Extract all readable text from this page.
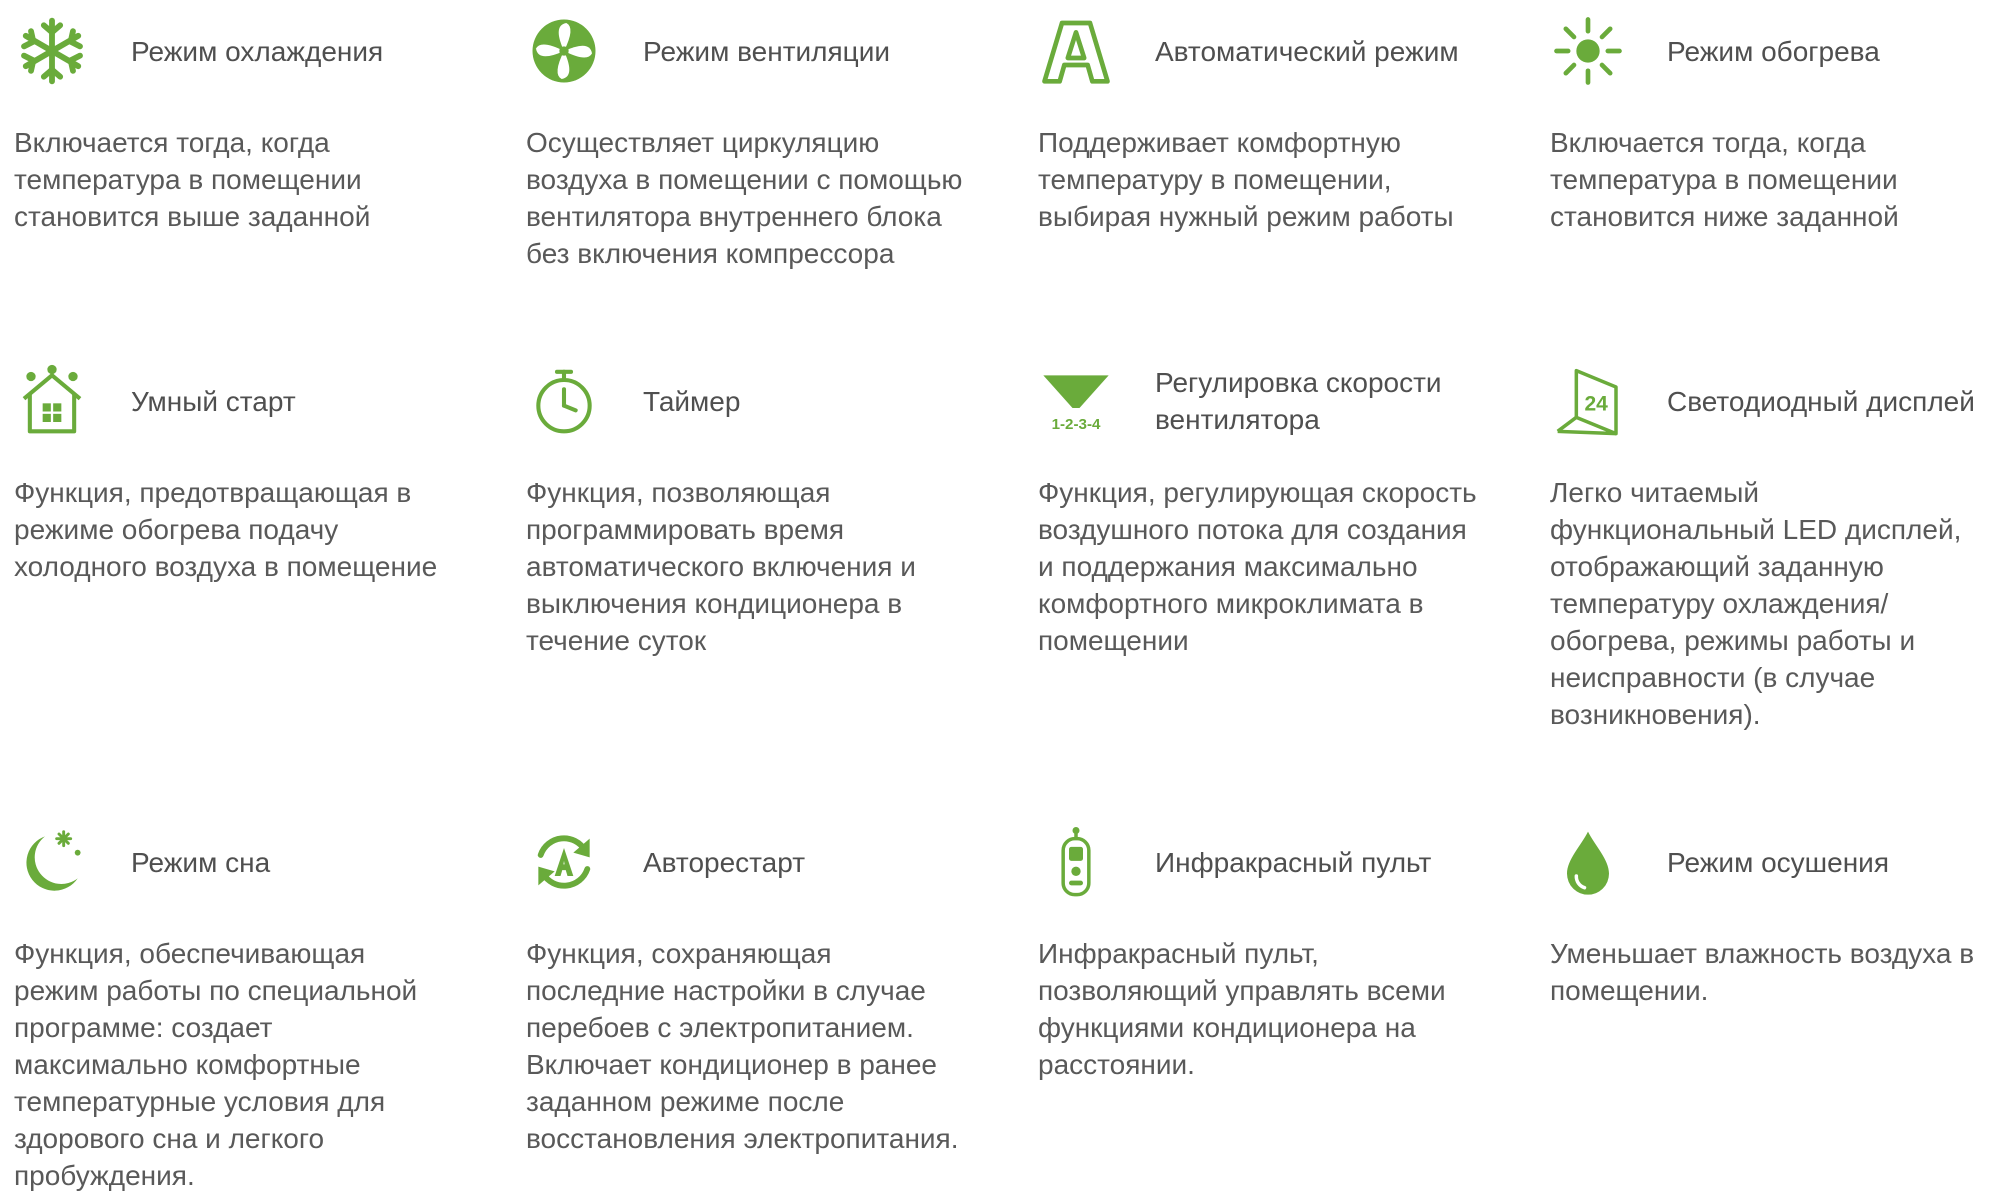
Режим охлаждения
Включается тогда, когда
температура в помещении
становится выше заданной
Режим вентиляции
Осуществляет циркуляцию
воздуха в помещении с помощью
вентилятора внутреннего блока
без включения компрессора
Автоматический режим
Поддерживает комфортную
температуру в помещении,
выбирая нужный режим работы
Режим обогрева
Включается тогда, когда
температура в помещении
становится ниже заданной
Умный старт
Функция, предотвращающая в
режиме обогрева подачу
холодного воздуха в помещение
Таймер
Функция, позволяющая
программировать время
автоматического включения и
выключения кондиционера в
течение суток
1-2-3-4
Регулировка скорости
вентилятора
Функция, регулирующая скорость
воздушного потока для создания
и поддержания максимально
комфортного микроклимата в
помещении
24 Светодиодный дисплей
Легко читаемый
функциональный LED дисплей,
отображающий заданную
температуру охлаждения/
обогрева, режимы работы и
неисправности (в случае
возникновения).
Режим сна
Функция, обеспечивающая
режим работы по специальной
программе: создает
максимально комфортные
температурные условия для
здорового сна и легкого
пробуждения.
Авторестарт
Функция, сохраняющая
последние настройки в случае
перебоев с электропитанием.
Включает кондиционер в ранее
заданном режиме после
восстановления электропитания.
Инфракрасный пульт
Инфракрасный пульт,
позволяющий управлять всеми
функциями кондиционера на
расстоянии.
Режим осушения
Уменьшает влажность воздуха в
помещении.
